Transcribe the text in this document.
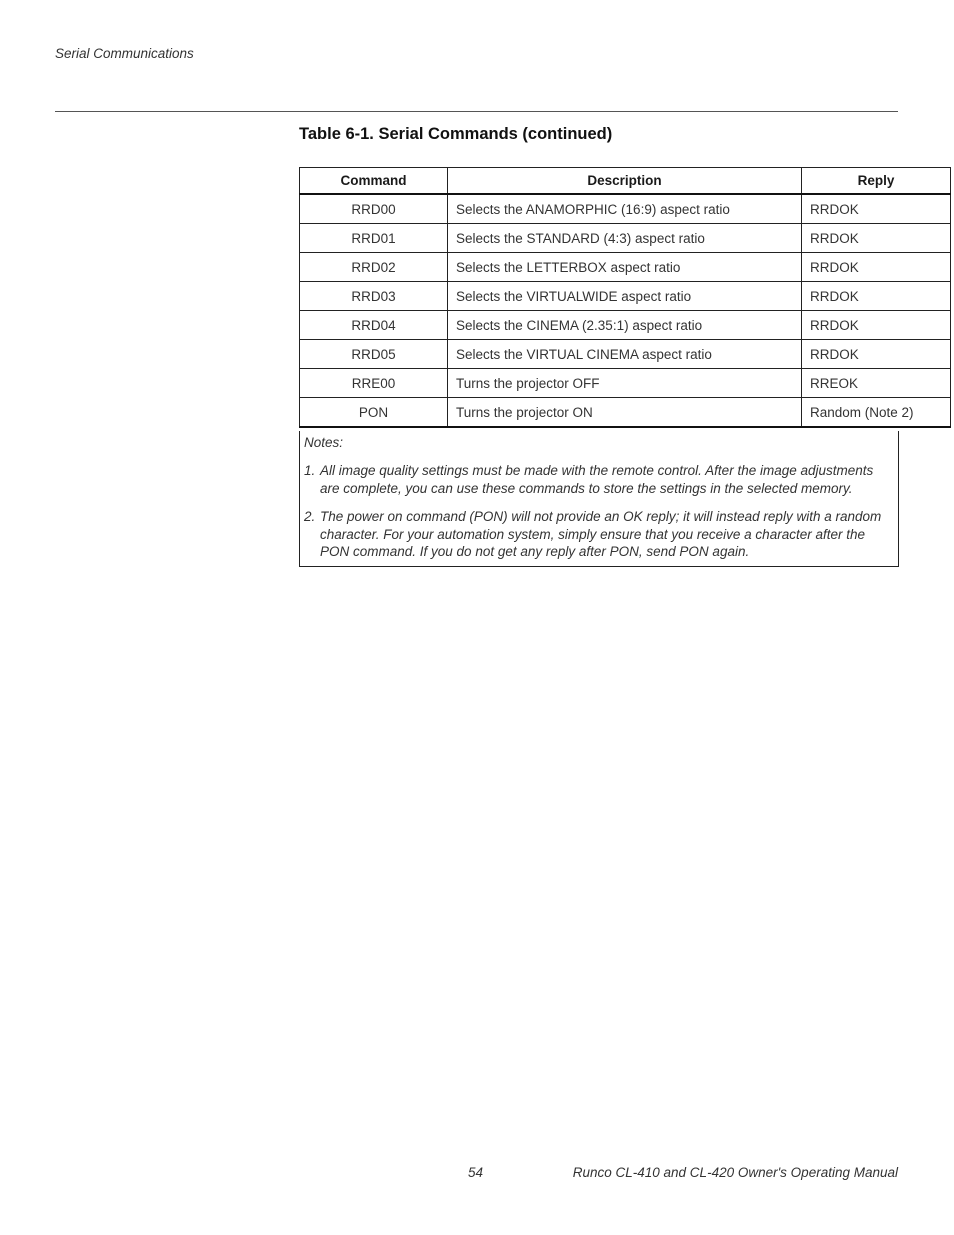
Serial Communications
Table 6-1. Serial Commands (continued)
Command	Description	Reply
RRD00	Selects the ANAMORPHIC (16:9) aspect ratio	RRDOK
RRD01	Selects the STANDARD (4:3) aspect ratio	RRDOK
RRD02	Selects the LETTERBOX aspect ratio	RRDOK
RRD03	Selects the VIRTUALWIDE aspect ratio	RRDOK
RRD04	Selects the CINEMA (2.35:1) aspect ratio	RRDOK
RRD05	Selects the VIRTUAL CINEMA aspect ratio	RRDOK
RRE00	Turns the projector OFF	RREOK
PON	Turns the projector ON	Random (Note 2)
Notes:
1. All image quality settings must be made with the remote control. After the image adjustments
are complete, you can use these commands to store the settings in the selected memory.
2. The power on command (PON) will not provide an OK reply; it will instead reply with a random
character. For your automation system, simply ensure that you receive a character after the
PON command. If you do not get any reply after PON, send PON again.
54	Runco CL-410 and CL-420 Owner's Operating Manual
